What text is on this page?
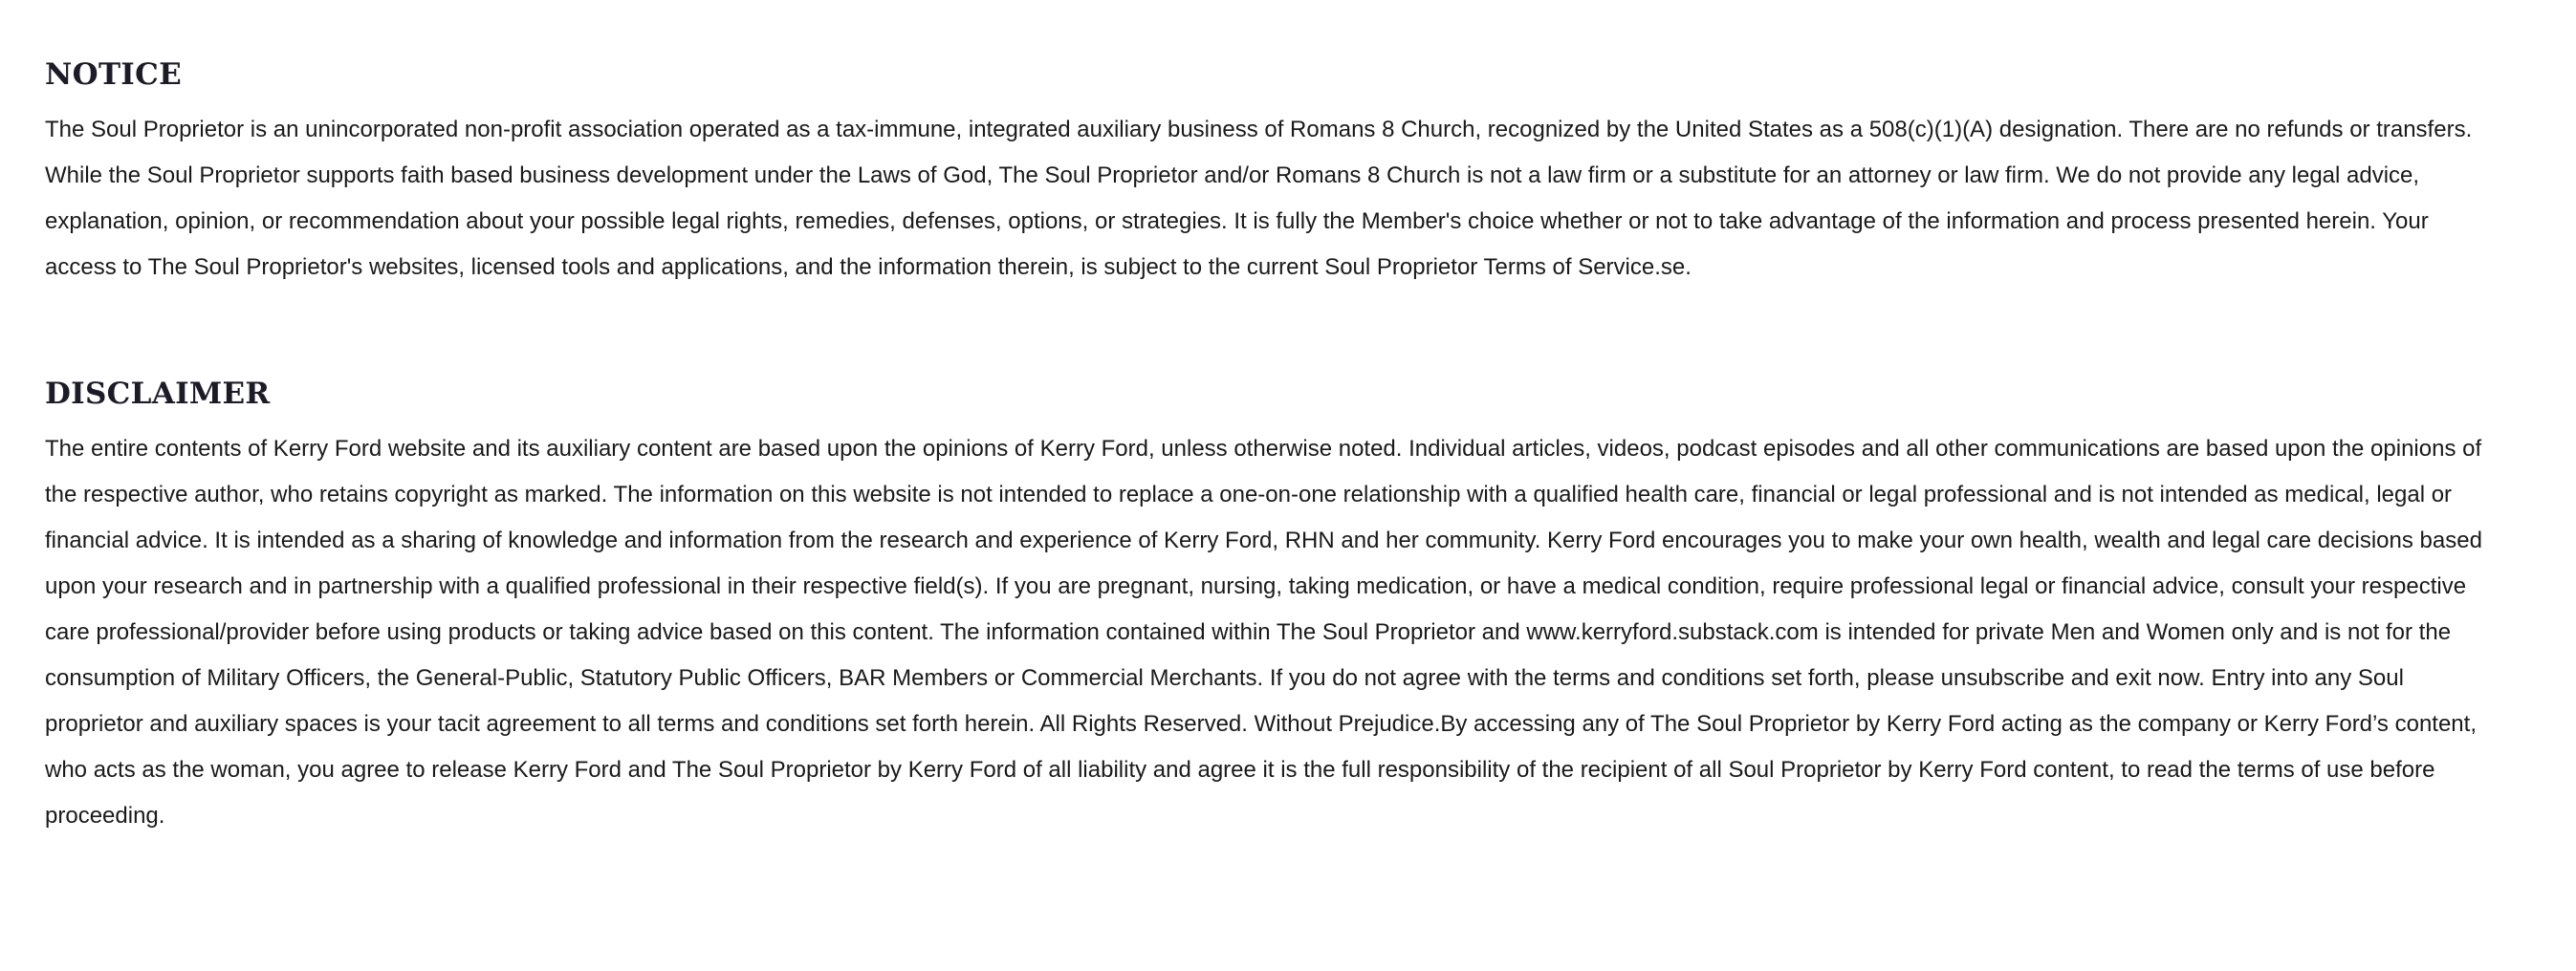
NOTICE

The Soul Proprietor is an unincorporated non-profit association operated as a tax-immune, integrated auxiliary business of Romans 8 Church, recognized by the United States as a 508(c)(1)(A) designation. There are no refunds or transfers. While the Soul Proprietor supports faith based business development under the Laws of God, The Soul Proprietor and/or Romans 8 Church is not a law firm or a substitute for an attorney or law firm. We do not provide any legal advice, explanation, opinion, or recommendation about your possible legal rights, remedies, defenses, options, or strategies. It is fully the Member's choice whether or not to take advantage of the information and process presented herein. Your access to The Soul Proprietor's websites, licensed tools and applications, and the information therein, is subject to the current Soul Proprietor Terms of Service.se.

DISCLAIMER

The entire contents of Kerry Ford website and its auxiliary content are based upon the opinions of Kerry Ford, unless otherwise noted. Individual articles, videos, podcast episodes and all other communications are based upon the opinions of the respective author, who retains copyright as marked. The information on this website is not intended to replace a one-on-one relationship with a qualified health care, financial or legal professional and is not intended as medical, legal or financial advice. It is intended as a sharing of knowledge and information from the research and experience of Kerry Ford, RHN and her community. Kerry Ford encourages you to make your own health, wealth and legal care decisions based upon your research and in partnership with a qualified professional in their respective field(s). If you are pregnant, nursing, taking medication, or have a medical condition, require professional legal or financial advice, consult your respective care professional/provider before using products or taking advice based on this content. The information contained within The Soul Proprietor and www.kerryford.substack.com is intended for private Men and Women only and is not for the consumption of Military Officers, the General-Public, Statutory Public Officers, BAR Members or Commercial Merchants. If you do not agree with the terms and conditions set forth, please unsubscribe and exit now. Entry into any Soul proprietor and auxiliary spaces is your tacit agreement to all terms and conditions set forth herein. All Rights Reserved. Without Prejudice.By accessing any of The Soul Proprietor by Kerry Ford acting as the company or Kerry Ford’s content, who acts as the woman, you agree to release Kerry Ford and The Soul Proprietor by Kerry Ford of all liability and agree it is the full responsibility of the recipient of all Soul Proprietor by Kerry Ford content, to read the terms of use before proceeding.
